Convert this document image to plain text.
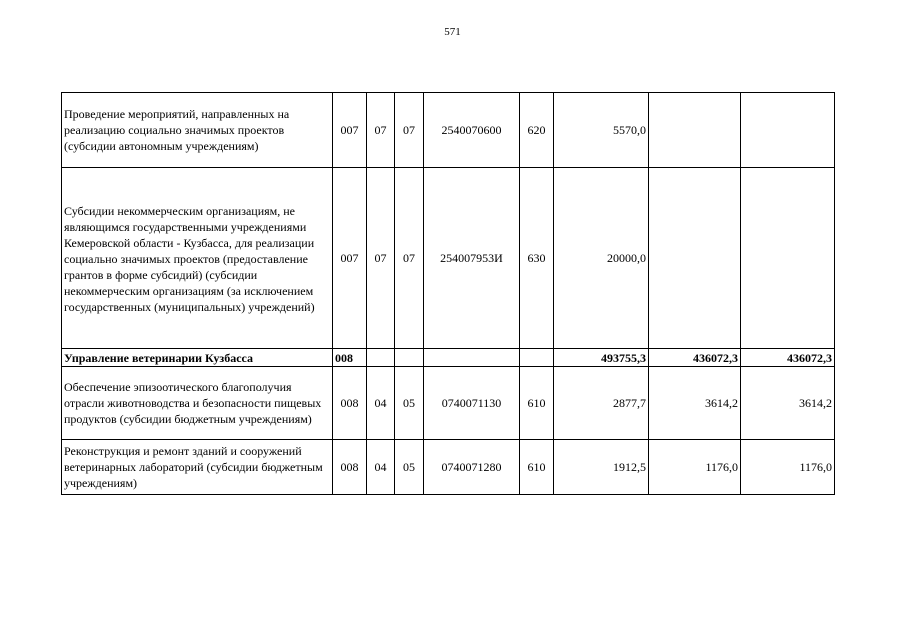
571
Проведение мероприятий, направленных на реализацию социально значимых проектов (субсидии автономным учреждениям)	007	07	07	2540070600	620	5570,0		
Субсидии некоммерческим организациям, не являющимся государственными учреждениями Кемеровской области - Кузбасса, для реализации социально значимых проектов (предоставление грантов в форме субсидий) (субсидии некоммерческим организациям (за исключением государственных (муниципальных) учреждений)	007	07	07	254007953И	630	20000,0		
Управление ветеринарии Кузбасса	008					493755,3	436072,3	436072,3
Обеспечение эпизоотического благополучия отрасли животноводства и безопасности пищевых продуктов (субсидии бюджетным учреждениям)	008	04	05	0740071130	610	2877,7	3614,2	3614,2
Реконструкция и ремонт зданий и сооружений ветеринарных лабораторий (субсидии бюджетным учреждениям)	008	04	05	0740071280	610	1912,5	1176,0	1176,0
